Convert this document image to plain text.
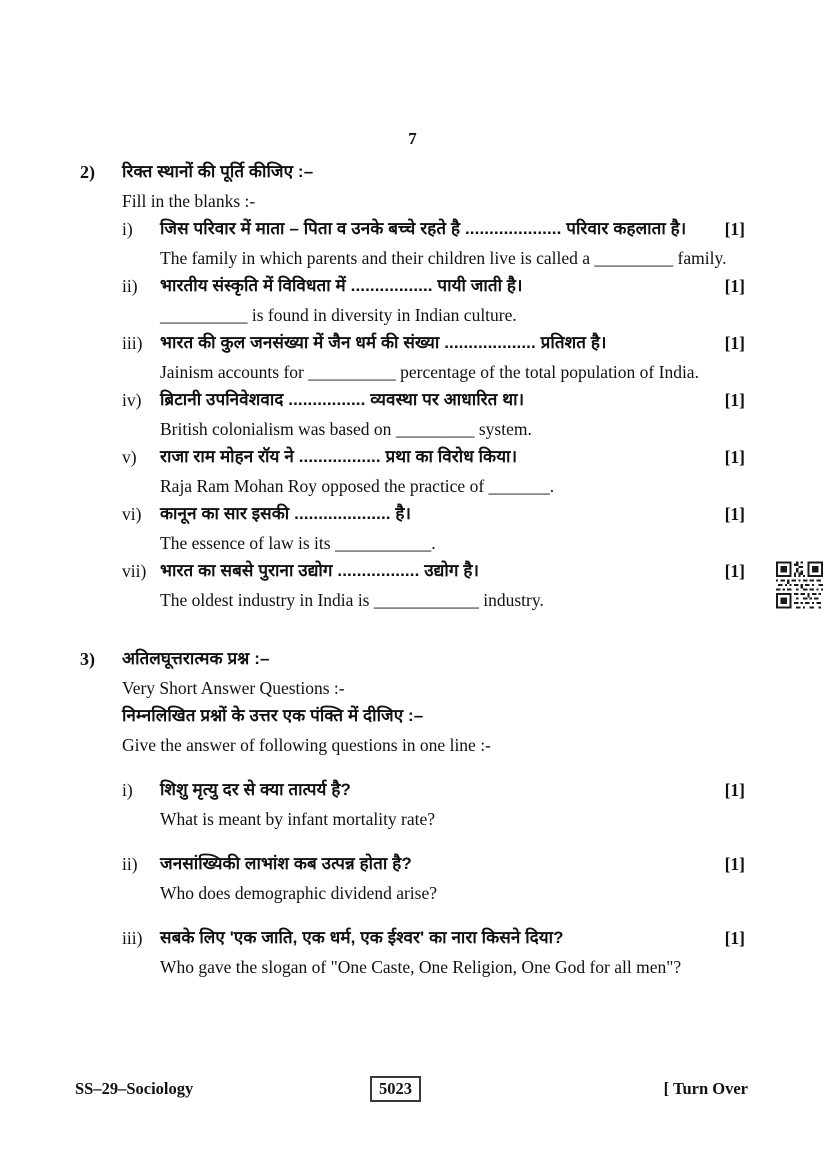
7
2)	रिक्त स्थानों की पूर्ति कीजिए :–
Fill in the blanks :-
i)	जिस परिवार में माता – पिता व उनके बच्चे रहते है .................... परिवार कहलाता है।	[1]

The family in which parents and their children live is called a _________ family.

ii)	भारतीय संस्कृति में विविधता में ................. पायी जाती है।	[1]

__________ is found in diversity in Indian culture.

iii)	भारत की कुल जनसंख्या में जैन धर्म की संख्या ................... प्रतिशत है।	[1]

Jainism accounts for __________ percentage of the total population of India.

iv)	ब्रिटानी उपनिवेशवाद ................ व्यवस्था पर आधारित था।	[1]

British colonialism was based on _________ system.

v)	राजा राम मोहन रॉय ने ................. प्रथा का विरोध किया।	[1]

Raja Ram Mohan Roy opposed the practice of _______.

vi)	कानून का सार इसकी .................... है।	[1]

The essence of law is its ___________.

vii) भारत का सबसे पुराना उद्योग ................. उद्योग है।	[1]

The oldest industry in India is ____________ industry.

3)	अतिलघूत्तरात्मक प्रश्न :–
Very Short Answer Questions :-
निम्नलिखित प्रश्नों के उत्तर एक पंक्ति में दीजिए :–
Give the answer of following questions in one line :-
i)	शिशु मृत्यु दर से क्या तात्पर्य है?	[1]

What is meant by infant mortality rate?

ii)	जनसांख्यिकी लाभांश कब उत्पन्न होता है?	[1]

Who does demographic dividend arise?

iii)	सबके लिए 'एक जाति, एक धर्म, एक ईश्वर' का नारा किसने दिया?	[1]

Who gave the slogan of "One Caste, One Religion, One God for all men"?

SS–29–Sociology	5023	[ Turn Over
